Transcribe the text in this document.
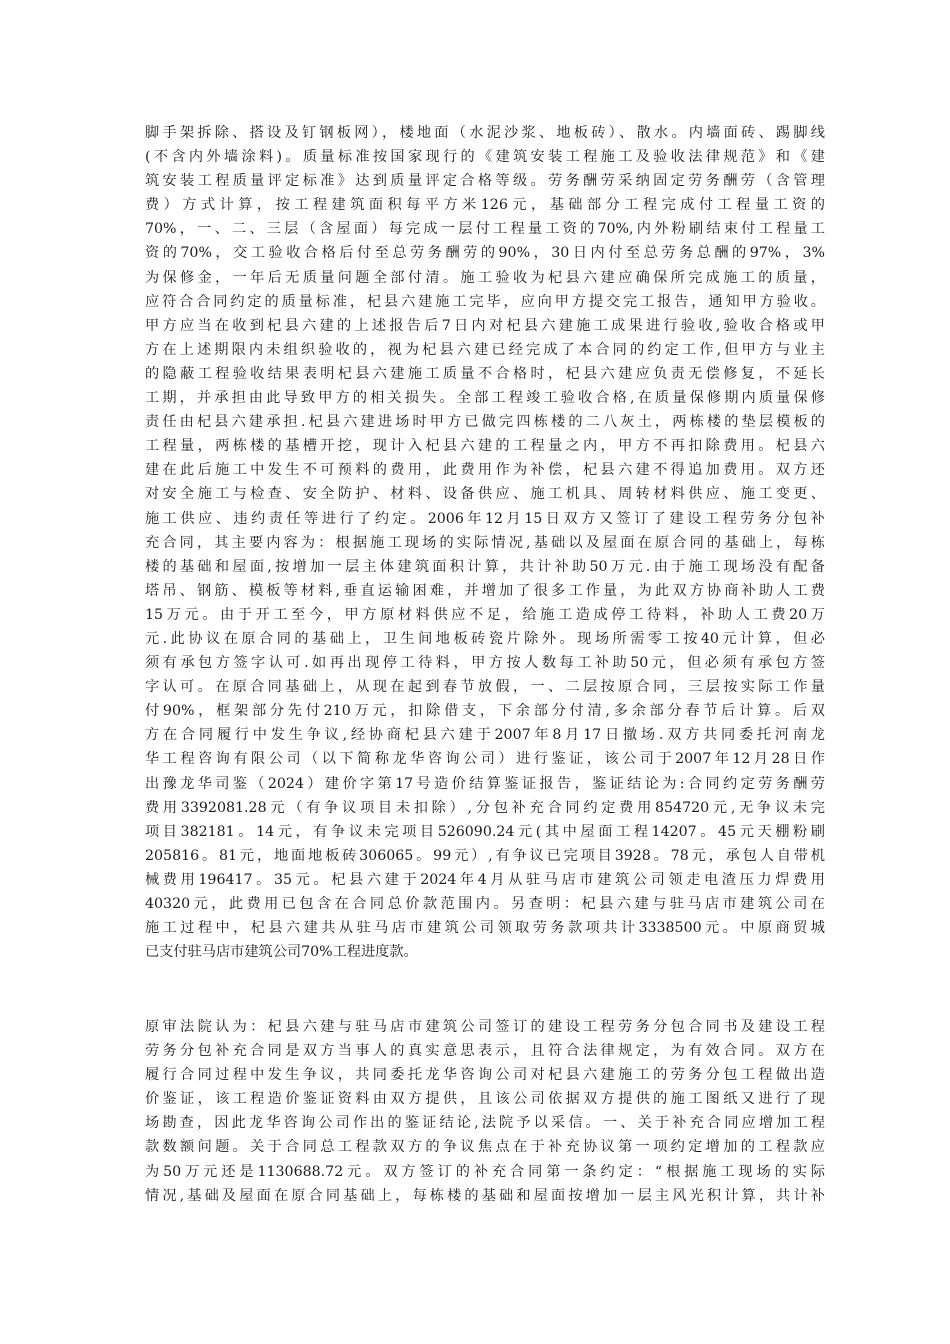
脚手架拆除、搭设及钉钢板网），楼地面（水泥沙浆、地板砖）、散水。内墙面砖、踢脚线
(不含内外墙涂料)。质量标准按国家现行的《建筑安装工程施工及验收法律规范》和《建
筑安装工程质量评定标准》达到质量评定合格等级。劳务酬劳采纳固定劳务酬劳（含管理
费）方式计算，按工程建筑面积每平方米126元，基础部分工程完成付工程量工资的
70%，一、二、三层（含屋面）每完成一层付工程量工资的70%,内外粉刷结束付工程量工
资的70%，交工验收合格后付至总劳务酬劳的90%，30日内付至总劳务总酬的97%，3%
为保修金，一年后无质量问题全部付清。施工验收为杞县六建应确保所完成施工的质量，
应符合合同约定的质量标准，杞县六建施工完毕，应向甲方提交完工报告，通知甲方验收。
甲方应当在收到杞县六建的上述报告后7日内对杞县六建施工成果进行验收,验收合格或甲
方在上述期限内未组织验收的，视为杞县六建已经完成了本合同的约定工作,但甲方与业主
的隐蔽工程验收结果表明杞县六建施工质量不合格时，杞县六建应负责无偿修复，不延长
工期，并承担由此导致甲方的相关损失。全部工程竣工验收合格,在质量保修期内质量保修
责任由杞县六建承担.杞县六建进场时甲方已做完四栋楼的二八灰土，两栋楼的垫层模板的
工程量，两栋楼的基槽开挖，现计入杞县六建的工程量之内，甲方不再扣除费用。杞县六
建在此后施工中发生不可预料的费用，此费用作为补偿，杞县六建不得追加费用。双方还
对安全施工与检查、安全防护、材料、设备供应、施工机具、周转材料供应、施工变更、
施工供应、违约责任等进行了约定。2006年12月15日双方又签订了建设工程劳务分包补
充合同，其主要内容为：根据施工现场的实际情况,基础以及屋面在原合同的基础上，每栋
楼的基础和屋面,按增加一层主体建筑面积计算，共计补助50万元.由于施工现场没有配备
塔吊、钢筋、模板等材料,垂直运输困难，并增加了很多工作量，为此双方协商补助人工费
15万元。由于开工至今，甲方原材料供应不足，给施工造成停工待料，补助人工费20万
元.此协议在原合同的基础上，卫生间地板砖瓷片除外。现场所需零工按40元计算，但必
须有承包方签字认可.如再出现停工待料，甲方按人数每工补助50元，但必须有承包方签
字认可。在原合同基础上，从现在起到春节放假，一、二层按原合同，三层按实际工作量
付90%，框架部分先付210万元，扣除借支，下余部分付清,多余部分春节后计算。后双
方在合同履行中发生争议,经协商杞县六建于2007年8月17日撤场.双方共同委托河南龙
华工程咨询有限公司（以下简称龙华咨询公司）进行鉴证，该公司于2007年12月28日作
出豫龙华司鉴（2024）建价字第17号造价结算鉴证报告，鉴证结论为:合同约定劳务酬劳
费用3392081.28元（有争议项目未扣除）,分包补充合同约定费用854720元,无争议未完
项目382181。14元，有争议未完项目526090.24元(其中屋面工程14207。45元天棚粉刷
205816。81元，地面地板砖306065。99元）,有争议已完项目3928。78元，承包人自带机
械费用196417。35元。杞县六建于2024年4月从驻马店市建筑公司领走电渣压力焊费用
40320元，此费用已包含在合同总价款范围内。另查明：杞县六建与驻马店市建筑公司在
施工过程中，杞县六建共从驻马店市建筑公司领取劳务款项共计3338500元。中原商贸城
已支付驻马店市建筑公司70%工程进度款。
原审法院认为：杞县六建与驻马店市建筑公司签订的建设工程劳务分包合同书及建设工程
劳务分包补充合同是双方当事人的真实意思表示，且符合法律规定，为有效合同。双方在
履行合同过程中发生争议，共同委托龙华咨询公司对杞县六建施工的劳务分包工程做出造
价鉴证，该工程造价鉴证资料由双方提供，且该公司依据双方提供的施工图纸又进行了现
场勘查，因此龙华咨询公司作出的鉴证结论,法院予以采信。一、关于补充合同应增加工程
款数额问题。关于合同总工程款双方的争议焦点在于补充协议第一项约定增加的工程款应
为50万元还是1130688.72元。双方签订的补充合同第一条约定：“根据施工现场的实际
情况,基础及屋面在原合同基础上，每栋楼的基础和屋面按增加一层主风光积计算，共计补
